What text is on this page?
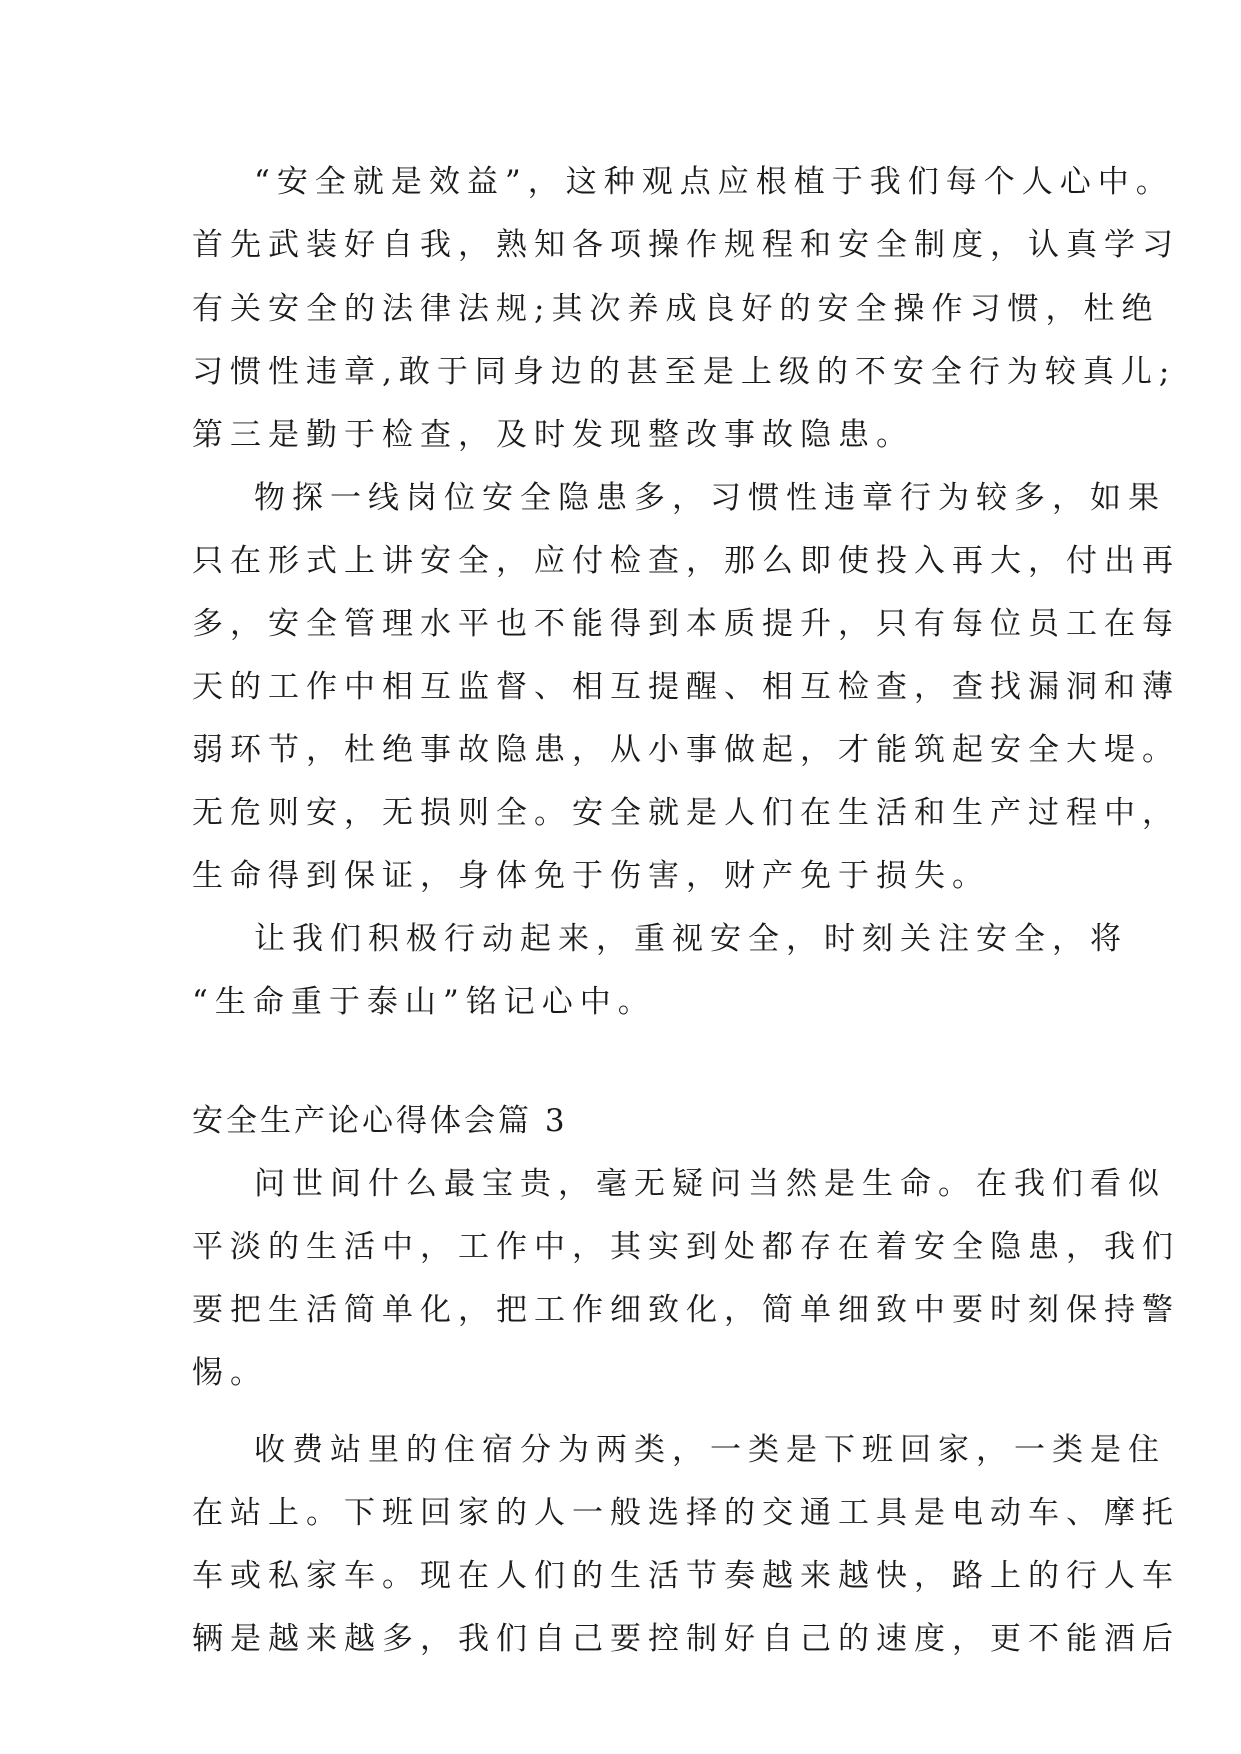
“安全就是效益”，这种观点应根植于我们每个人心中。
首先武装好自我，熟知各项操作规程和安全制度，认真学习
有关安全的法律法规;其次养成良好的安全操作习惯，杜绝
习惯性违章,敢于同身边的甚至是上级的不安全行为较真儿;
第三是勤于检查，及时发现整改事故隐患。
物探一线岗位安全隐患多，习惯性违章行为较多，如果
只在形式上讲安全，应付检查，那么即使投入再大，付出再
多，安全管理水平也不能得到本质提升，只有每位员工在每
天的工作中相互监督、相互提醒、相互检查，查找漏洞和薄
弱环节，杜绝事故隐患，从小事做起，才能筑起安全大堤。
无危则安，无损则全。安全就是人们在生活和生产过程中，
生命得到保证，身体免于伤害，财产免于损失。
让我们积极行动起来，重视安全，时刻关注安全，将
“生命重于泰山”铭记心中。
安全生产论心得体会篇 3
问世间什么最宝贵，毫无疑问当然是生命。在我们看似
平淡的生活中，工作中，其实到处都存在着安全隐患，我们
要把生活简单化，把工作细致化，简单细致中要时刻保持警
惕。
收费站里的住宿分为两类，一类是下班回家，一类是住
在站上。下班回家的人一般选择的交通工具是电动车、摩托
车或私家车。现在人们的生活节奏越来越快，路上的行人车
辆是越来越多，我们自己要控制好自己的速度，更不能酒后
